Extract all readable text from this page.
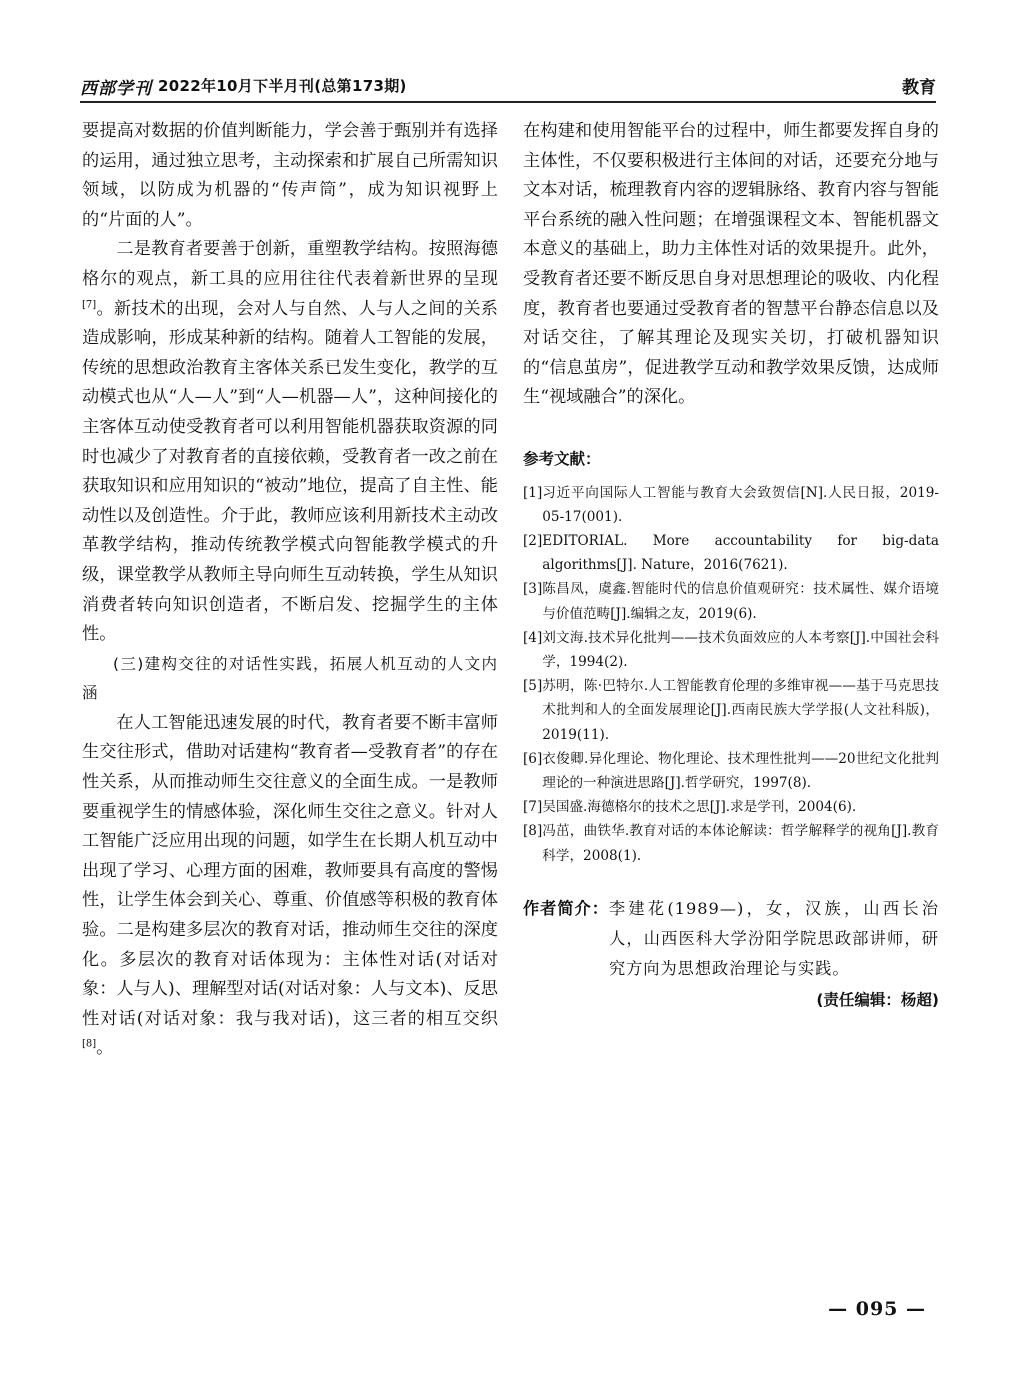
西部学刊 2022年10月下半月刊(总第173期)	教育

要提高对数据的价值判断能力，学会善于甄别并有选择的运用，通过独立思考，主动探索和扩展自己所需知识领域，以防成为机器的“传声筒”，成为知识视野上的“片面的人”。

二是教育者要善于创新，重塑教学结构。按照海德格尔的观点，新工具的应用往往代表着新世界的呈现[7]。新技术的出现，会对人与自然、人与人之间的关系造成影响，形成某种新的结构。随着人工智能的发展，传统的思想政治教育主客体关系已发生变化，教学的互动模式也从“人—人”到“人—机器—人”，这种间接化的主客体互动使受教育者可以利用智能机器获取资源的同时也减少了对教育者的直接依赖，受教育者一改之前在获取知识和应用知识的“被动”地位，提高了自主性、能动性以及创造性。介于此，教师应该利用新技术主动改革教学结构，推动传统教学模式向智能教学模式的升级，课堂教学从教师主导向师生互动转换，学生从知识消费者转向知识创造者，不断启发、挖掘学生的主体性。

(三)建构交往的对话性实践，拓展人机互动的人文内涵

在人工智能迅速发展的时代，教育者要不断丰富师生交往形式，借助对话建构“教育者—受教育者”的存在性关系，从而推动师生交往意义的全面生成。一是教师要重视学生的情感体验，深化师生交往之意义。针对人工智能广泛应用出现的问题，如学生在长期人机互动中出现了学习、心理方面的困难，教师要具有高度的警惕性，让学生体会到关心、尊重、价值感等积极的教育体验。二是构建多层次的教育对话，推动师生交往的深度化。多层次的教育对话体现为：主体性对话(对话对象：人与人)、理解型对话(对话对象：人与文本)、反思性对话(对话对象：我与我对话)，这三者的相互交织[8]。

在构建和使用智能平台的过程中，师生都要发挥自身的主体性，不仅要积极进行主体间的对话，还要充分地与文本对话，梳理教育内容的逻辑脉络、教育内容与智能平台系统的融入性问题；在增强课程文本、智能机器文本意义的基础上，助力主体性对话的效果提升。此外，受教育者还要不断反思自身对思想理论的吸收、内化程度，教育者也要通过受教育者的智慧平台静态信息以及对话交往，了解其理论及现实关切，打破机器知识的“信息茧房”，促进教学互动和教学效果反馈，达成师生“视域融合”的深化。

参考文献：

[1] 习近平向国际人工智能与教育大会致贺信[N].人民日报，2019-05-17(001).
[2] EDITORIAL. More accountability for big-data algorithms[J]. Nature，2016(7621).
[3] 陈昌凤，虞鑫.智能时代的信息价值观研究：技术属性、媒介语境与价值范畴[J].编辑之友，2019(6).
[4] 刘文海.技术异化批判——技术负面效应的人本考察[J].中国社会科学，1994(2).
[5] 苏明，陈·巴特尔.人工智能教育伦理的多维审视——基于马克思技术批判和人的全面发展理论[J].西南民族大学学报(人文社科版)，2019(11).
[6] 衣俊卿.异化理论、物化理论、技术理性批判——20世纪文化批判理论的一种演进思路[J].哲学研究，1997(8).
[7] 吴国盛.海德格尔的技术之思[J].求是学刊，2004(6).
[8] 冯茁，曲铁华.教育对话的本体论解读：哲学解释学的视角[J].教育科学，2008(1).
作者简介： 李建花(1989—)，女，汉族，山西长治人，山西医科大学汾阳学院思政部讲师，研究方向为思想政治理论与实践。

(责任编辑：杨超)

— 095 —
